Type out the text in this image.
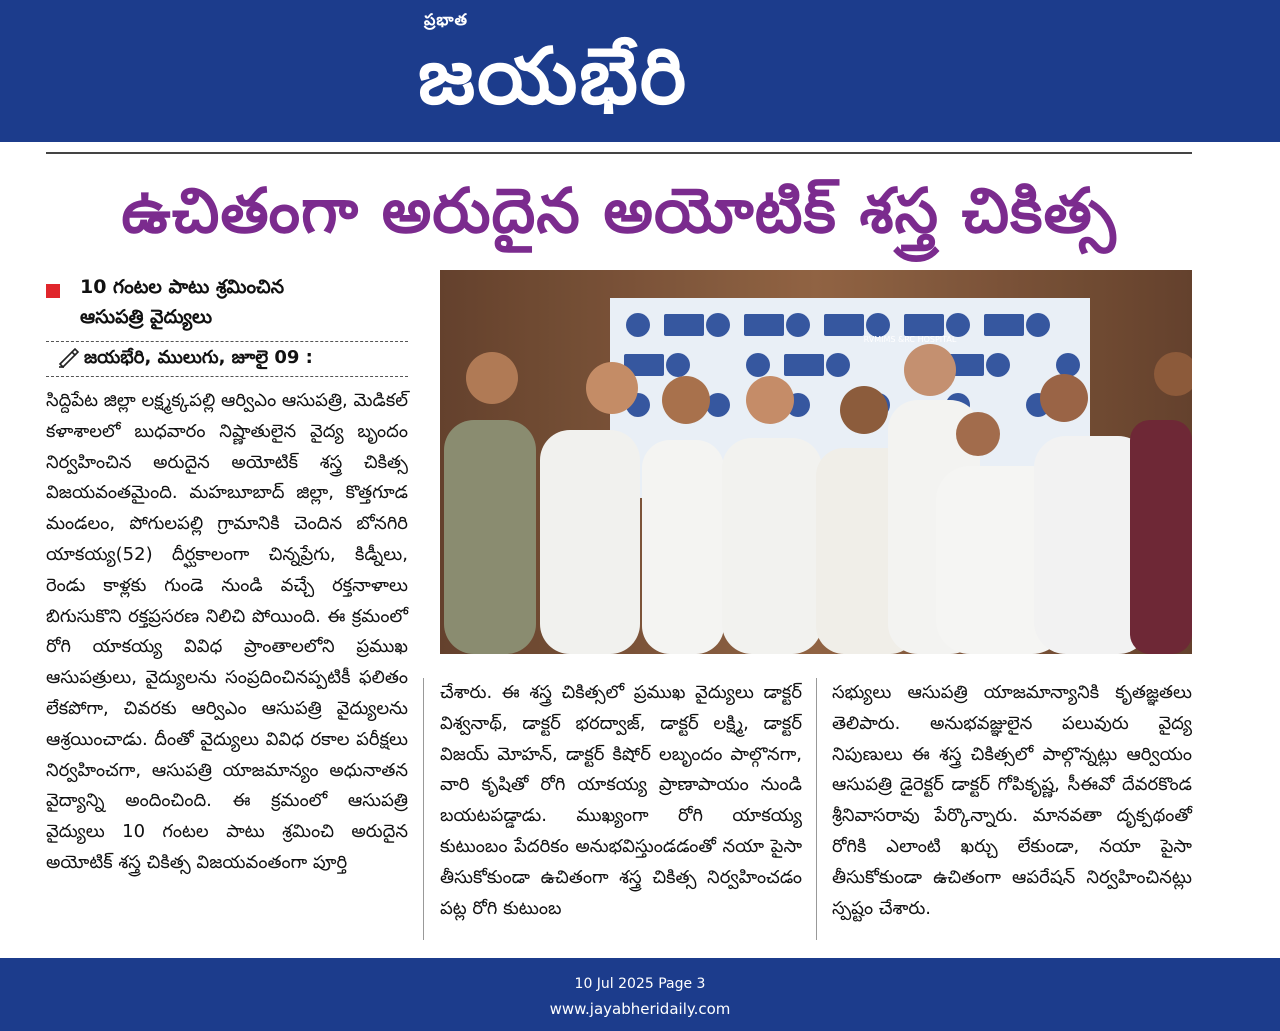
ప్రభాత
జయభేరి
ఉచితంగా అరుదైన అయోటిక్ శస్త్ర చికిత్స
10 గంటల పాటు శ్రమించిన
ఆసుపత్రి వైద్యులు
జయభేరి, ములుగు, జూలై 09 :
RVMIMS &RC HOSPITAL

సిద్దిపేట జిల్లా లక్ష్మక్కపల్లి ఆర్విఎం ఆసుపత్రి, మెడికల్ కళాశాలలో బుధవారం నిష్ణాతులైన వైద్య బృందం నిర్వహించిన అరుదైన అయోటిక్ శస్త్ర చికిత్స విజయవంతమైంది. మహబూబాద్ జిల్లా, కొత్తగూడ మండలం, పోగులపల్లి గ్రామానికి చెందిన బోనగిరి యాకయ్య(52) దీర్ఘకాలంగా చిన్నప్రేగు, కిడ్నీలు, రెండు కాళ్లకు గుండె నుండి వచ్చే రక్తనాళాలు బిగుసుకొని రక్తప్రసరణ నిలిచి పోయింది. ఈ క్రమంలో రోగి యాకయ్య వివిధ ప్రాంతాలలోని ప్రముఖ ఆసుపత్రులు, వైద్యులను సంప్రదించినప్పటికీ ఫలితం లేకపోగా, చివరకు ఆర్విఎం ఆసుపత్రి వైద్యులను ఆశ్రయించాడు. దీంతో వైద్యులు వివిధ రకాల పరీక్షలు నిర్వహించగా, ఆసుపత్రి యాజమాన్యం అధునాతన వైద్యాన్ని అందించింది. ఈ క్రమంలో ఆసుపత్రి వైద్యులు 10 గంటల పాటు శ్రమించి అరుదైన అయోటిక్ శస్త్ర చికిత్స విజయవంతంగా పూర్తి

చేశారు. ఈ శస్త్ర చికిత్సలో ప్రముఖ వైద్యులు డాక్టర్ విశ్వనాథ్, డాక్టర్ భరద్వాజ్, డాక్టర్ లక్ష్మి, డాక్టర్ విజయ్ మోహన్, డాక్టర్ కిషోర్ లబృందం పాల్గొనగా, వారి కృషితో రోగి యాకయ్య ప్రాణాపాయం నుండి బయటపడ్డాడు. ముఖ్యంగా రోగి యాకయ్య కుటుంబం పేదరికం అనుభవిస్తుండడంతో నయా పైసా తీసుకోకుండా ఉచితంగా శస్త్ర చికిత్స నిర్వహించడం పట్ల రోగి కుటుంబ

సభ్యులు ఆసుపత్రి యాజమాన్యానికి కృతజ్ఞతలు తెలిపారు. అనుభవజ్ఞులైన పలువురు వైద్య నిపుణులు ఈ శస్త్ర చికిత్సలో పాల్గొన్నట్లు ఆర్వియం ఆసుపత్రి డైరెక్టర్ డాక్టర్ గోపికృష్ణ, సీఈవో దేవరకొండ శ్రీనివాసరావు పేర్కొన్నారు. మానవతా దృక్పథంతో రోగికి ఎలాంటి ఖర్చు లేకుండా, నయా పైసా తీసుకోకుండా ఉచితంగా ఆపరేషన్ నిర్వహించినట్లు స్పష్టం చేశారు.

10 Jul 2025 Page 3
www.jayabheridaily.com
